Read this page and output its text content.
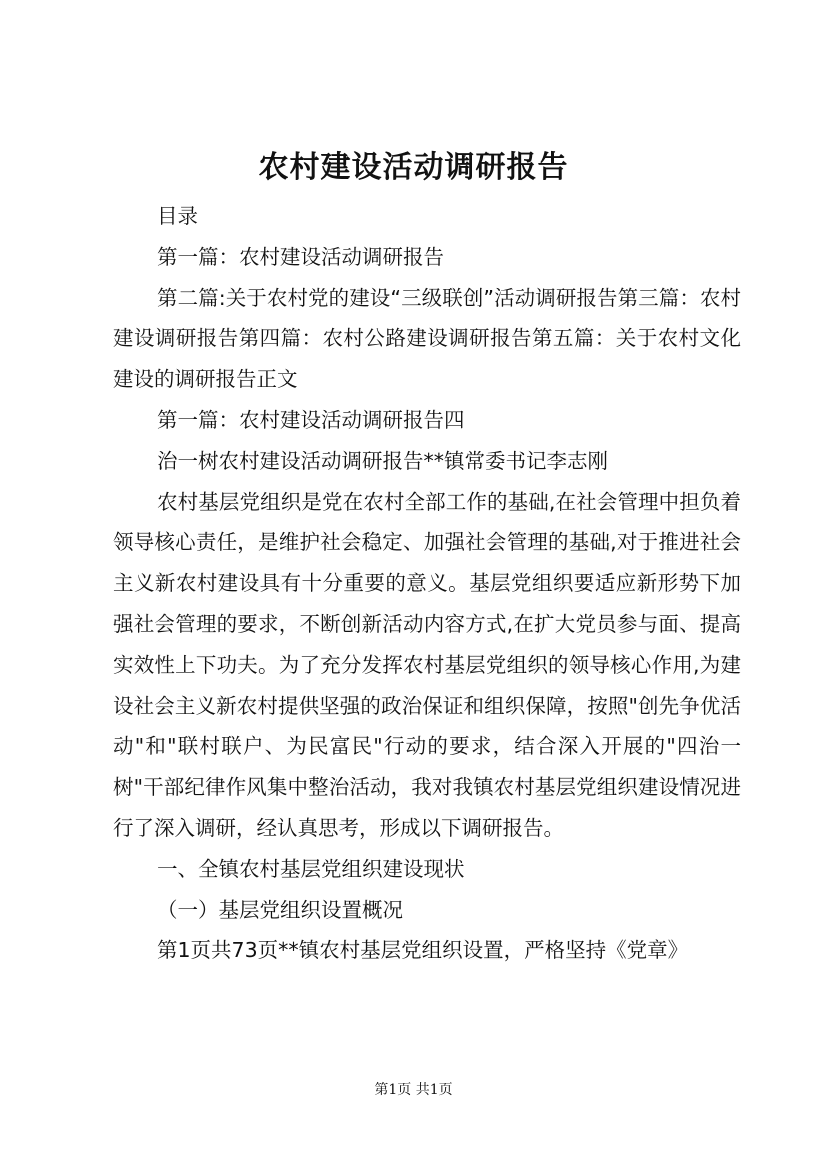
农村建设活动调研报告

目录

第一篇：农村建设活动调研报告

第二篇:关于农村党的建设“三级联创”活动调研报告第三篇：农村建设调研报告第四篇：农村公路建设调研报告第五篇：关于农村文化建设的调研报告正文

第一篇：农村建设活动调研报告四

治一树农村建设活动调研报告**镇常委书记李志刚

农村基层党组织是党在农村全部工作的基础,在社会管理中担负着领导核心责任，是维护社会稳定、加强社会管理的基础,对于推进社会主义新农村建设具有十分重要的意义。基层党组织要适应新形势下加强社会管理的要求，不断创新活动内容方式,在扩大党员参与面、提高实效性上下功夫。为了充分发挥农村基层党组织的领导核心作用,为建设社会主义新农村提供坚强的政治保证和组织保障，按照"创先争优活动"和"联村联户、为民富民"行动的要求，结合深入开展的"四治一树"干部纪律作风集中整治活动，我对我镇农村基层党组织建设情况进行了深入调研，经认真思考，形成以下调研报告。

一、全镇农村基层党组织建设现状

（一）基层党组织设置概况

第1页共73页**镇农村基层党组织设置，严格坚持《党章》

第1页 共1页
